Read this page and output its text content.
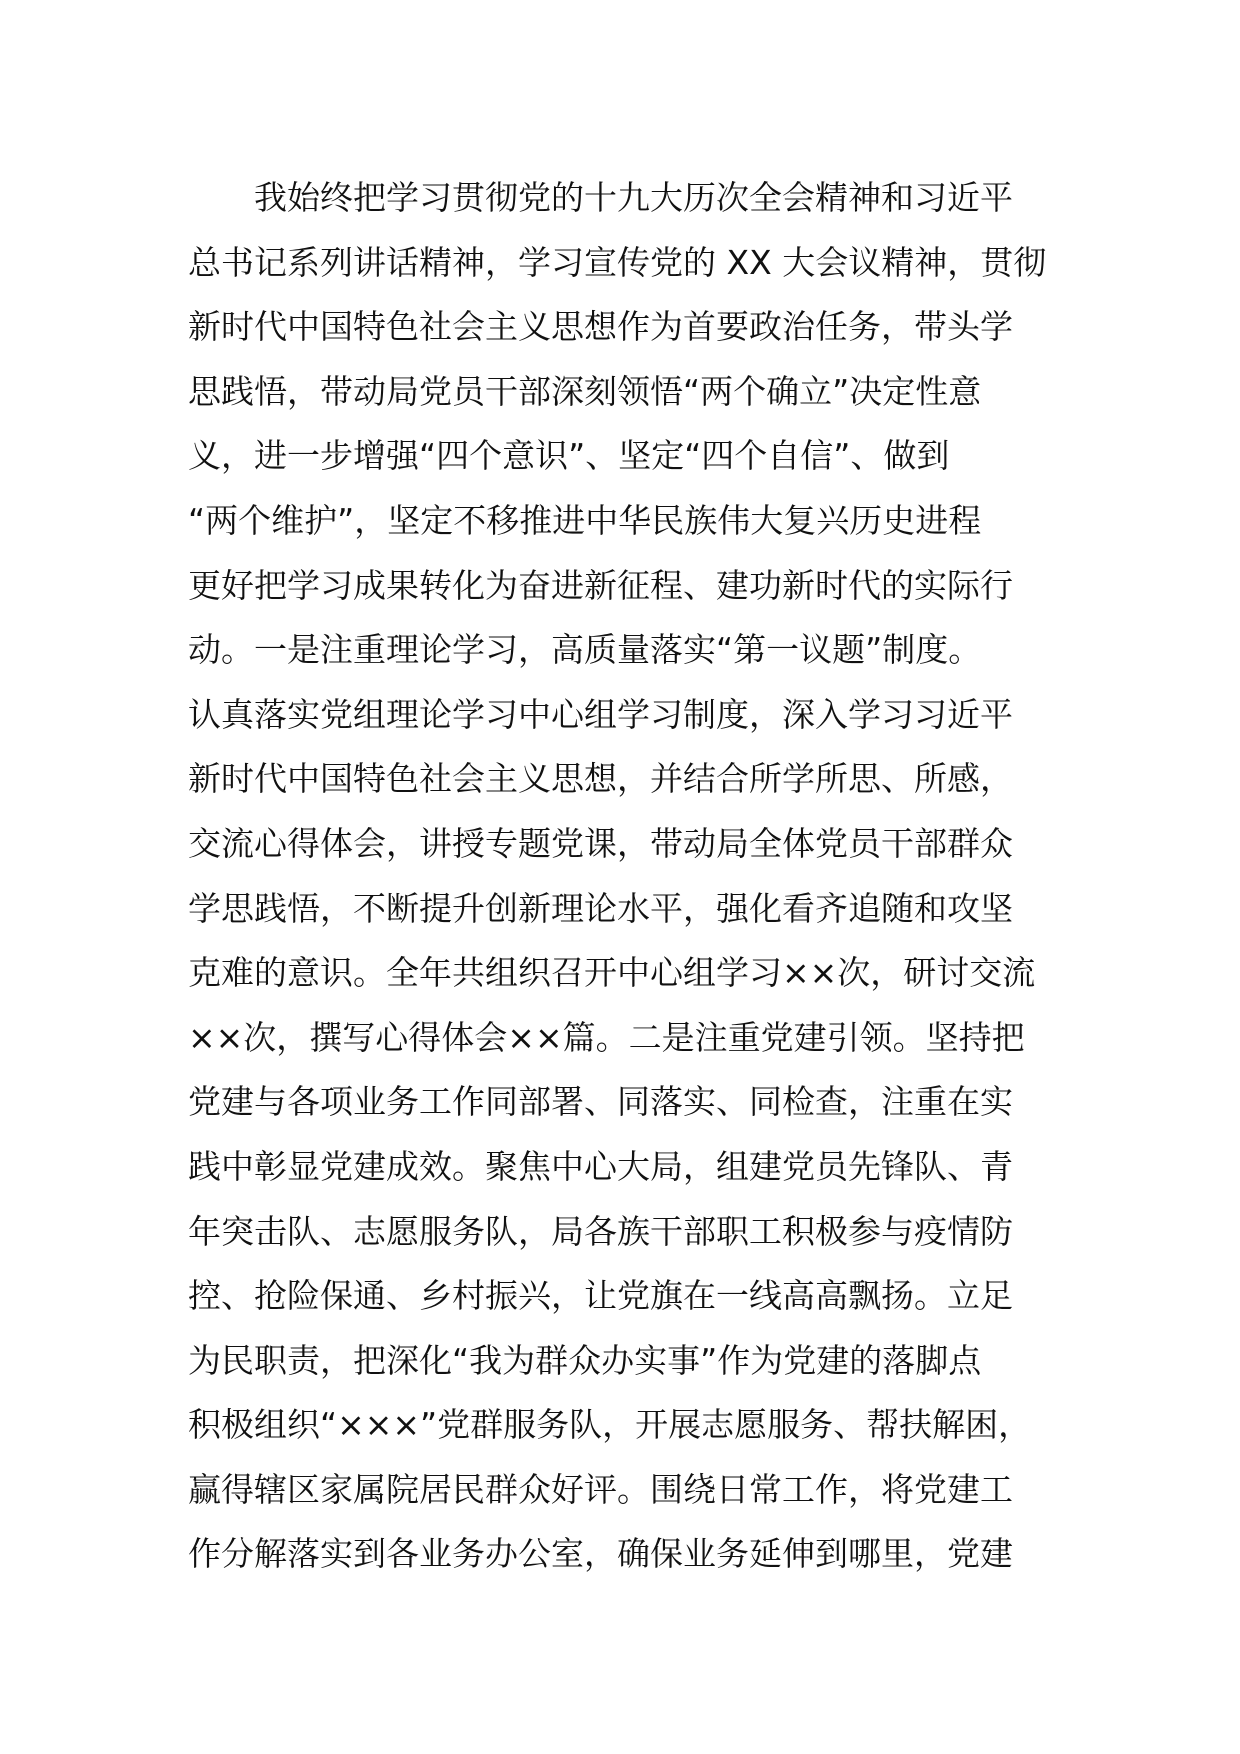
　　我始终把学习贯彻党的十九大历次全会精神和习近平
总书记系列讲话精神，学习宣传党的 XX 大会议精神，贯彻
新时代中国特色社会主义思想作为首要政治任务，带头学
思践悟，带动局党员干部深刻领悟“两个确立”决定性意
义，进一步增强“四个意识”、坚定“四个自信”、做到
“两个维护”，坚定不移推进中华民族伟大复兴历史进程
更好把学习成果转化为奋进新征程、建功新时代的实际行
动。一是注重理论学习，高质量落实“第一议题”制度。
认真落实党组理论学习中心组学习制度，深入学习习近平
新时代中国特色社会主义思想，并结合所学所思、所感，
交流心得体会，讲授专题党课，带动局全体党员干部群众
学思践悟，不断提升创新理论水平，强化看齐追随和攻坚
克难的意识。全年共组织召开中心组学习××次，研讨交流
××次，撰写心得体会××篇。二是注重党建引领。坚持把
党建与各项业务工作同部署、同落实、同检查，注重在实
践中彰显党建成效。聚焦中心大局，组建党员先锋队、青
年突击队、志愿服务队，局各族干部职工积极参与疫情防
控、抢险保通、乡村振兴，让党旗在一线高高飘扬。立足
为民职责，把深化“我为群众办实事”作为党建的落脚点
积极组织“×××”党群服务队，开展志愿服务、帮扶解困，
赢得辖区家属院居民群众好评。围绕日常工作，将党建工
作分解落实到各业务办公室，确保业务延伸到哪里，党建
